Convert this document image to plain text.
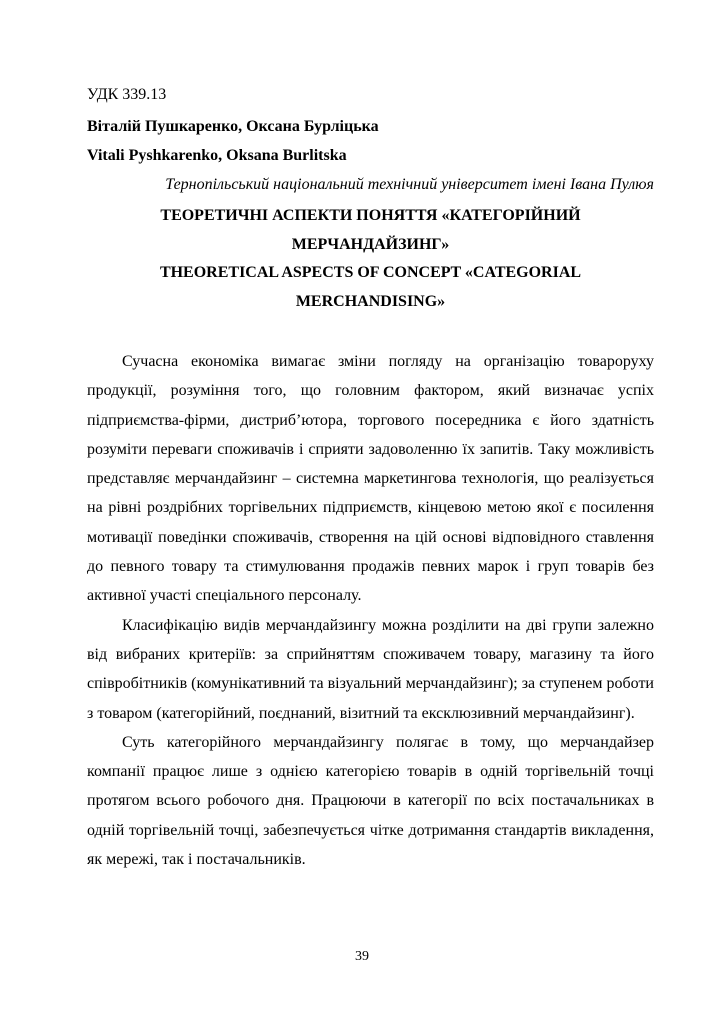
УДК 339.13
Віталій Пушкаренко, Оксана Бурліцька
Vitali Pyshkarenko, Oksana Burlitska
Тернопільський національний технічний університет імені Івана Пулюя
ТЕОРЕТИЧНІ АСПЕКТИ ПОНЯТТЯ «КАТЕГОРІЙНИЙ МЕРЧАНДАЙЗИНГ»
THEORETICAL ASPECTS OF CONCEPT «CATEGORIAL MERCHANDISING»

Сучасна економіка вимагає зміни погляду на організацію товароруху продукції, розуміння того, що головним фактором, який визначає успіх підприємства-фірми, дистриб’ютора, торгового посередника є його здатність розуміти переваги споживачів і сприяти задоволенню їх запитів. Таку можливість представляє мерчандайзинг – системна маркетингова технологія, що реалізується на рівні роздрібних торгівельних підприємств, кінцевою метою якої є посилення мотивації поведінки споживачів, створення на цій основі відповідного ставлення до певного товару та стимулювання продажів певних марок і груп товарів без активної участі спеціального персоналу.

Класифікацію видів мерчандайзингу можна розділити на дві групи залежно від вибраних критеріїв: за сприйняттям споживачем товару, магазину та його співробітників (комунікативний та візуальний мерчандайзинг); за ступенем роботи з товаром (категорійний, поєднаний, візитний та ексклюзивний мерчандайзинг).

Суть категорійного мерчандайзингу полягає в тому, що мерчандайзер компанії працює лише з однією категорією товарів в одній торгівельній точці протягом всього робочого дня. Працюючи в категорії по всіх постачальниках в одній торгівельній точці, забезпечується чітке дотримання стандартів викладення, як мережі, так і постачальників.

39
